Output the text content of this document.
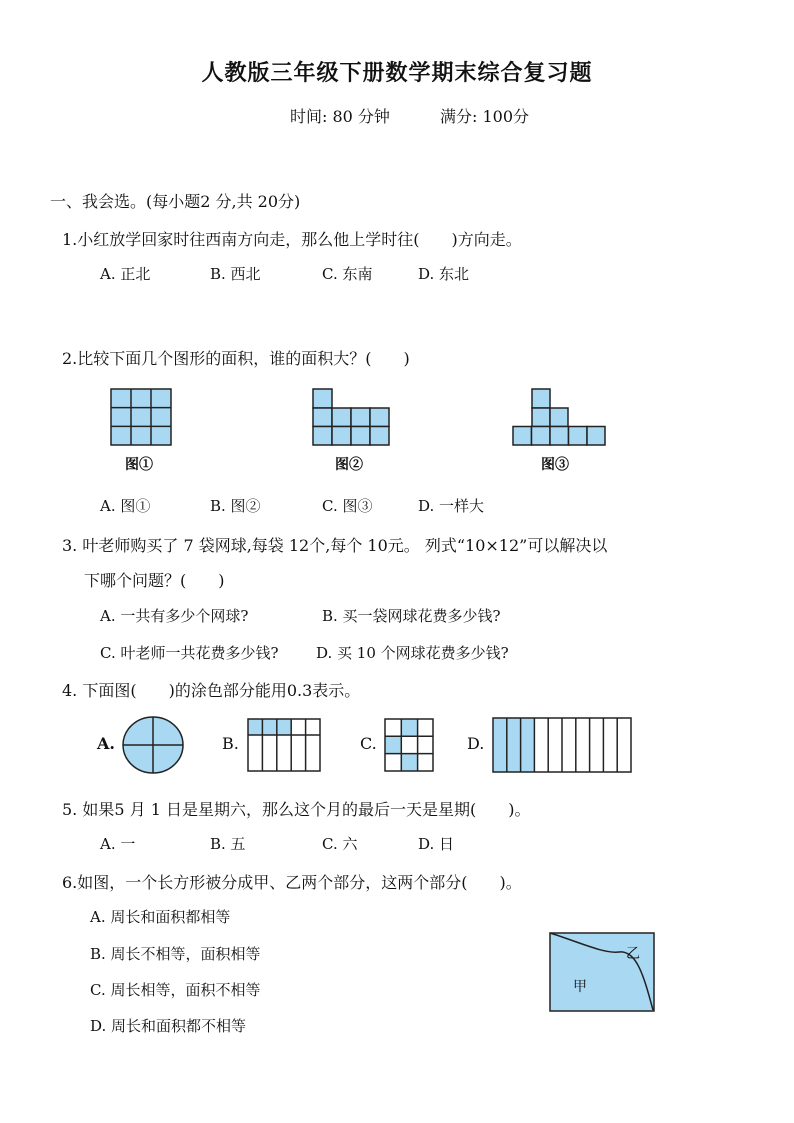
人教版三年级下册数学期末综合复习题
时间: 80 分钟	满分: 100分
一、我会选。(每小题2 分,共 20分)
1.小红放学回家时往西南方向走，那么他上学时往(　　)方向走。
A. 正北	B. 西北	C. 东南	D. 东北
2.比较下面几个图形的面积，谁的面积大？(　　)
图①	图②	图③
A. 图①	B. 图②	C. 图③	D. 一样大
3. 叶老师购买了 7 袋网球,每袋 12个,每个 10元。 列式“10×12”可以解决以
下哪个问题？(　　)
A. 一共有多少个网球?	B. 买一袋网球花费多少钱?
C. 叶老师一共花费多少钱? D. 买 10 个网球花费多少钱?
4. 下面图(　　)的涂色部分能用0.3表示。
A.	B.	C.	D.
5. 如果5 月 1 日是星期六，那么这个月的最后一天是星期(　　)。
A. 一	B. 五	C. 六	D. 日
6.如图，一个长方形被分成甲、乙两个部分，这两个部分(　　)。
A. 周长和面积都相等
B. 周长不相等，面积相等
C. 周长相等，面积不相等
D. 周长和面积都不相等
甲
乙
